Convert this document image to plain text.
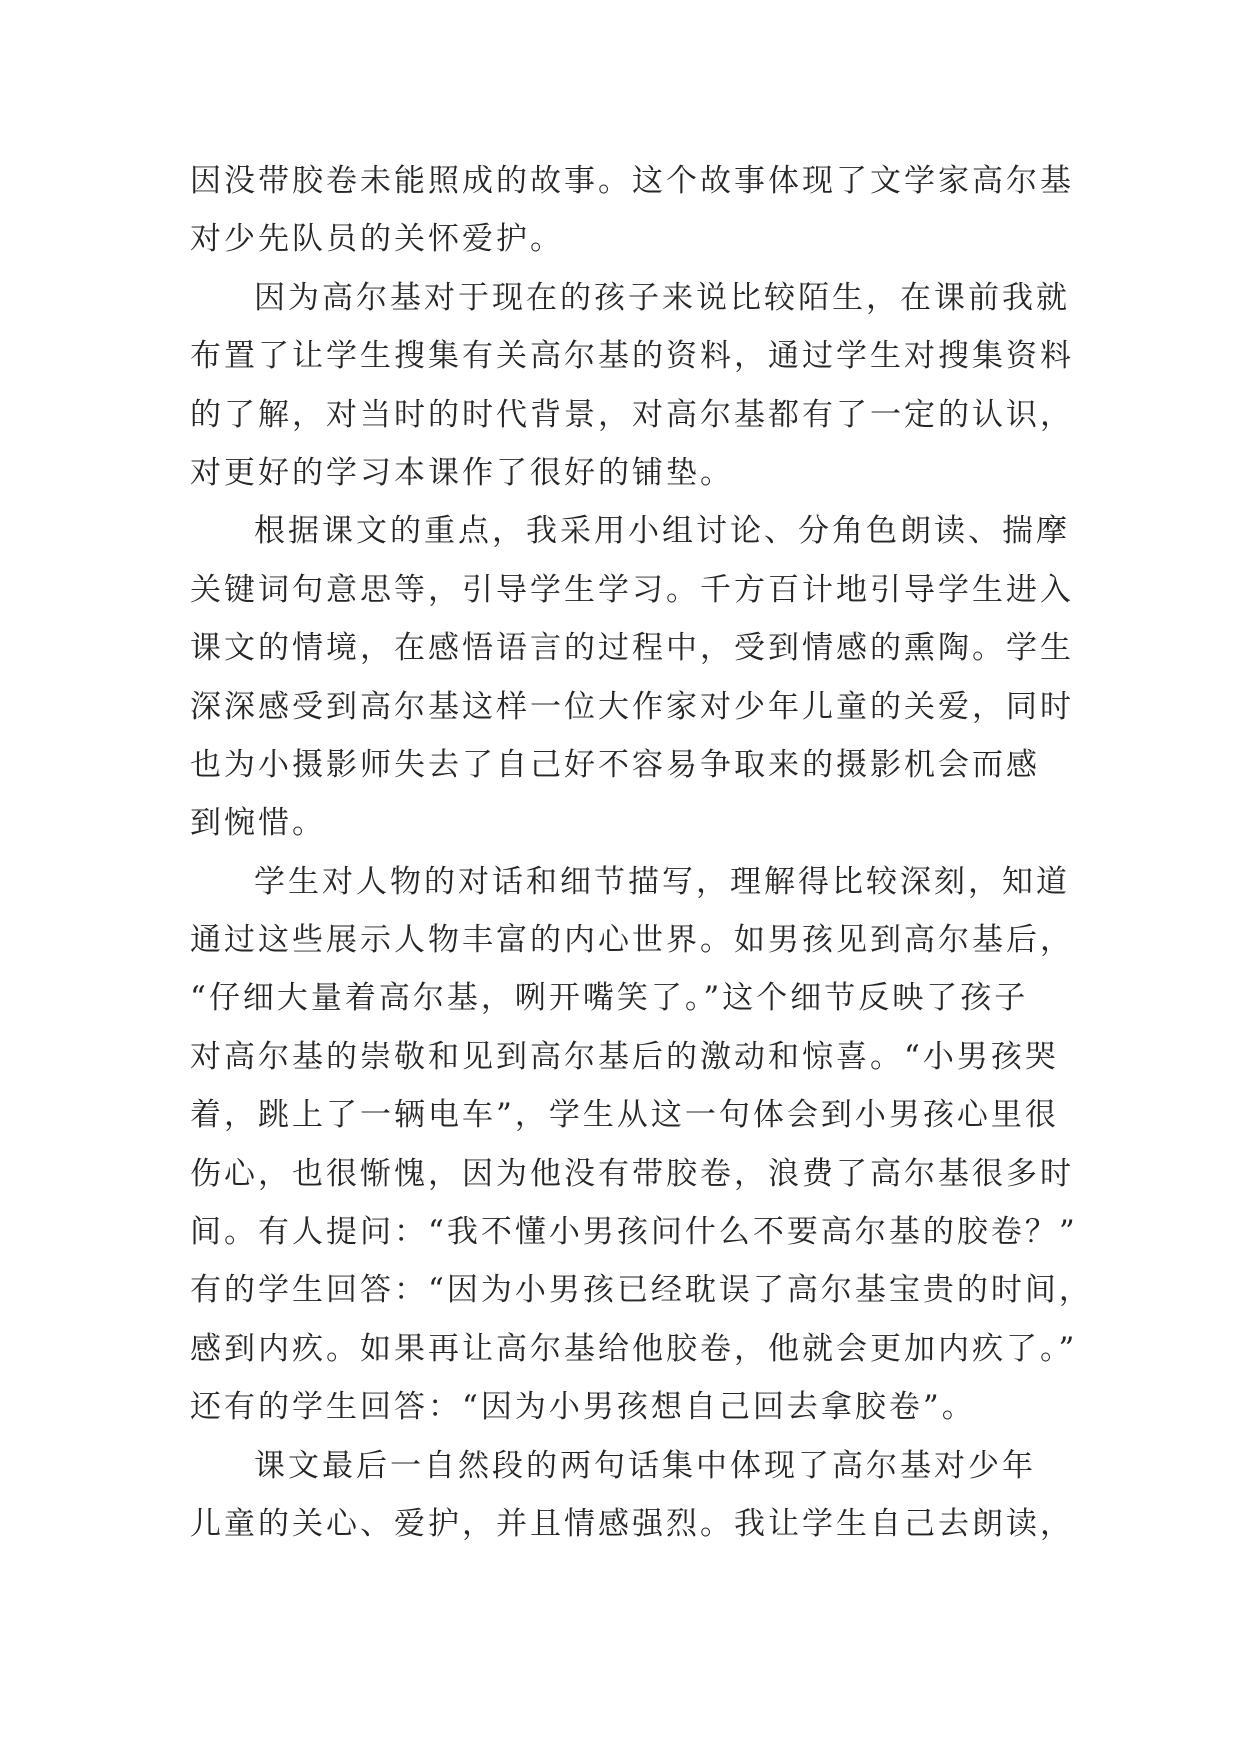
因没带胶卷未能照成的故事。这个故事体现了文学家高尔基
对少先队员的关怀爱护。
因为高尔基对于现在的孩子来说比较陌生，在课前我就
布置了让学生搜集有关高尔基的资料，通过学生对搜集资料
的了解，对当时的时代背景，对高尔基都有了一定的认识，
对更好的学习本课作了很好的铺垫。
根据课文的重点，我采用小组讨论、分角色朗读、揣摩
关键词句意思等，引导学生学习。千方百计地引导学生进入
课文的情境，在感悟语言的过程中，受到情感的熏陶。学生
深深感受到高尔基这样一位大作家对少年儿童的关爱，同时
也为小摄影师失去了自己好不容易争取来的摄影机会而感
到惋惜。
学生对人物的对话和细节描写，理解得比较深刻，知道
通过这些展示人物丰富的内心世界。如男孩见到高尔基后，
“仔细大量着高尔基，咧开嘴笑了。”这个细节反映了孩子
对高尔基的崇敬和见到高尔基后的激动和惊喜。“小男孩哭
着，跳上了一辆电车”，学生从这一句体会到小男孩心里很
伤心，也很惭愧，因为他没有带胶卷，浪费了高尔基很多时
间。有人提问：“我不懂小男孩问什么不要高尔基的胶卷？”
有的学生回答：“因为小男孩已经耽误了高尔基宝贵的时间，
感到内疚。如果再让高尔基给他胶卷，他就会更加内疚了。”
还有的学生回答：“因为小男孩想自己回去拿胶卷”。
课文最后一自然段的两句话集中体现了高尔基对少年
儿童的关心、爱护，并且情感强烈。我让学生自己去朗读，
